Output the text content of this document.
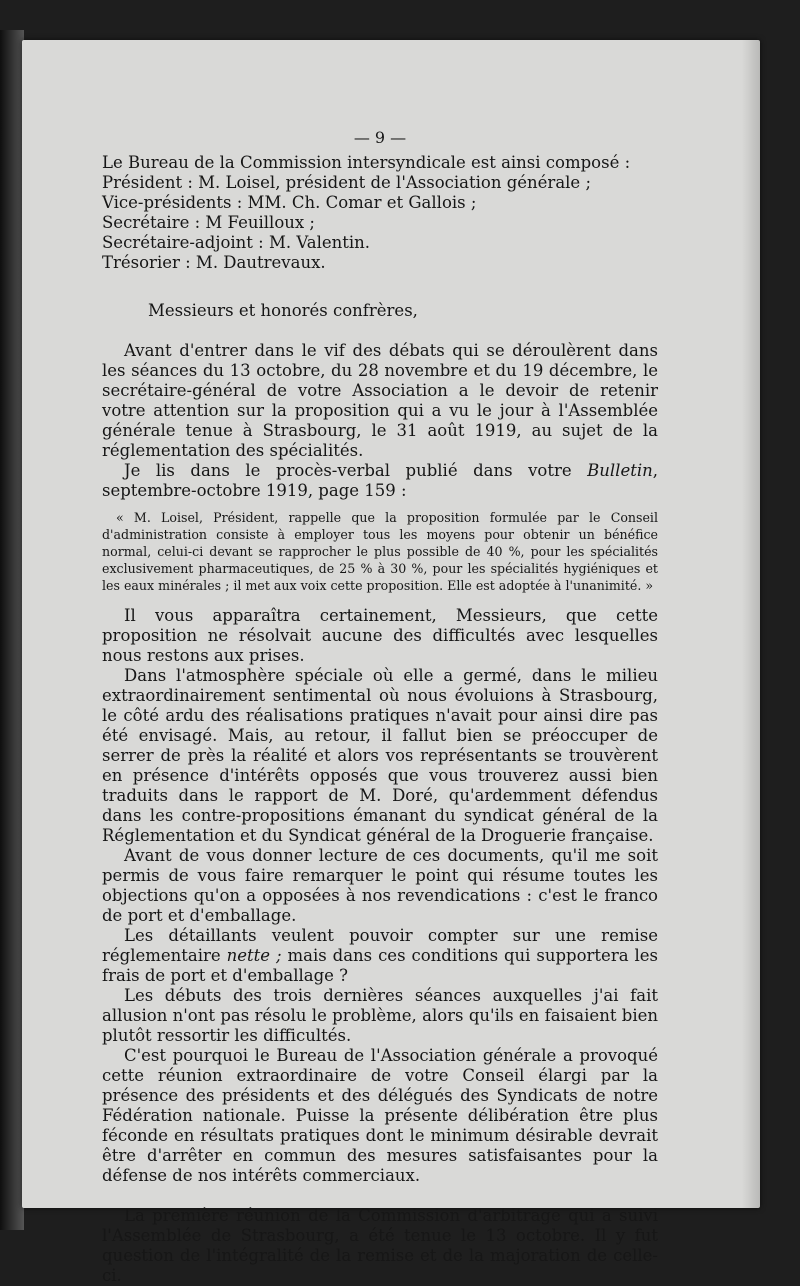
— 9 —

Le Bureau de la Commission intersyndicale est ainsi composé :

Président : M. Loisel, président de l'Association générale ;

Vice-présidents : MM. Ch. Comar et Gallois ;

Secrétaire : M Feuilloux ;

Secrétaire-adjoint : M. Valentin.

Trésorier : M. Dautrevaux.

Messieurs et honorés confrères,

Avant d'entrer dans le vif des débats qui se déroulèrent dans les séances du 13 octobre, du 28 novembre et du 19 décembre, le secrétaire-général de votre Association a le devoir de retenir votre attention sur la proposition qui a vu le jour à l'Assemblée générale tenue à Strasbourg, le 31 août 1919, au sujet de la réglementation des spécialités.

Je lis dans le procès-verbal publié dans votre Bulletin, septembre-octobre 1919, page 159 :

« M. Loisel, Président, rappelle que la proposition formulée par le Conseil d'administration consiste à employer tous les moyens pour obtenir un bénéfice normal, celui-ci devant se rapprocher le plus possible de 40 %, pour les spécialités exclusivement pharmaceutiques, de 25 % à 30 %, pour les spécialités hygiéniques et les eaux minérales ; il met aux voix cette proposition. Elle est adoptée à l'unanimité. »

Il vous apparaîtra certainement, Messieurs, que cette proposition ne résolvait aucune des difficultés avec lesquelles nous restons aux prises.

Dans l'atmosphère spéciale où elle a germé, dans le milieu extraordinairement sentimental où nous évoluions à Strasbourg, le côté ardu des réalisations pratiques n'avait pour ainsi dire pas été envisagé. Mais, au retour, il fallut bien se préoccuper de serrer de près la réalité et alors vos représentants se trouvèrent en présence d'intérêts opposés que vous trouverez aussi bien traduits dans le rapport de M. Doré, qu'ardemment défendus dans les contre-propositions émanant du syndicat général de la Réglementation et du Syndicat général de la Droguerie française.

Avant de vous donner lecture de ces documents, qu'il me soit permis de vous faire remarquer le point qui résume toutes les objections qu'on a opposées à nos revendications : c'est le franco de port et d'emballage.

Les détaillants veulent pouvoir compter sur une remise réglementaire nette ; mais dans ces conditions qui supportera les frais de port et d'emballage ?

Les débuts des trois dernières séances auxquelles j'ai fait allusion n'ont pas résolu le problème, alors qu'ils en faisaient bien plutôt ressortir les difficultés.

C'est pourquoi le Bureau de l'Association générale a provoqué cette réunion extraordinaire de votre Conseil élargi par la présence des présidents et des délégués des Syndicats de notre Fédération nationale. Puisse la présente délibération être plus féconde en résultats pratiques dont le minimum désirable devrait être d'arrêter en commun des mesures satisfaisantes pour la défense de nos intérêts commerciaux.

La première réunion de la Commission d'arbitrage qui a suivi l'Assemblée de Strasbourg, a été tenue le 13 octobre. Il y fut question de l'intégralité de la remise et de la majoration de celle-ci.
